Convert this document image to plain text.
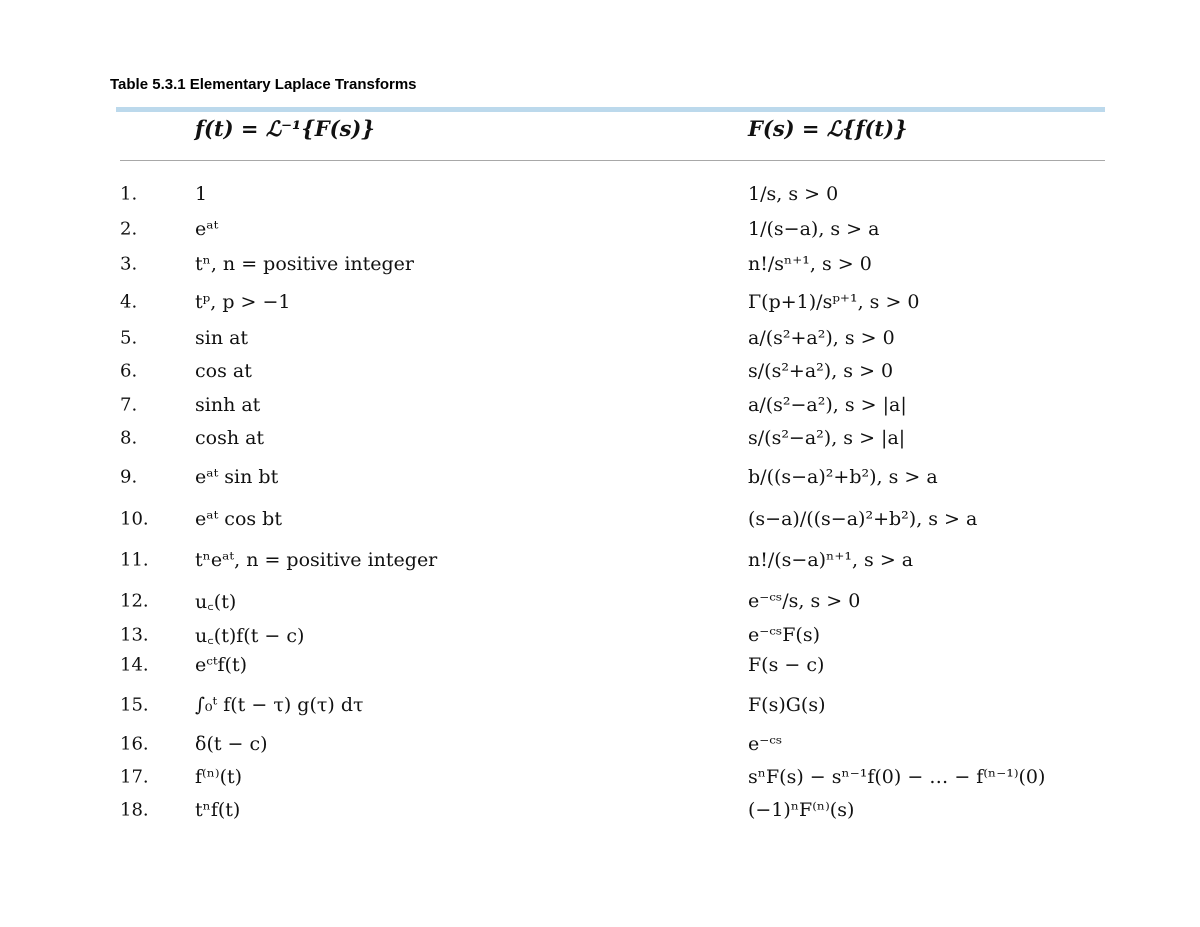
Table 5.3.1 Elementary Laplace Transforms
f(t) = ℒ⁻¹{F(s)}	F(s) = ℒ{f(t)}
1.	1	1/s, s > 0
2.	eᵃᵗ	1/(s−a), s > a
3.	tⁿ, n = positive integer	n!/sⁿ⁺¹, s > 0
4.	tᵖ, p > −1	Γ(p+1)/sᵖ⁺¹, s > 0
5.	sin at	a/(s²+a²), s > 0
6.	cos at	s/(s²+a²), s > 0
7.	sinh at	a/(s²−a²), s > |a|
8.	cosh at	s/(s²−a²), s > |a|
9.	eᵃᵗ sin bt	b/((s−a)²+b²), s > a
10. eᵃᵗ cos bt	(s−a)/((s−a)²+b²), s > a
11. tⁿeᵃᵗ, n = positive integer	n!/(s−a)ⁿ⁺¹, s > a
12. u꜀(t)	e⁻ᶜˢ/s, s > 0
13. u꜀(t)f(t − c)	e⁻ᶜˢF(s)
14. eᶜᵗf(t)	F(s − c)
15. ∫₀ᵗ f(t − τ) g(τ) dτ	F(s)G(s)
16. δ(t − c)	e⁻ᶜˢ
17. f⁽ⁿ⁾(t)	sⁿF(s) − sⁿ⁻¹f(0) − … − f⁽ⁿ⁻¹⁾(0)
18. tⁿf(t)	(−1)ⁿF⁽ⁿ⁾(s)
